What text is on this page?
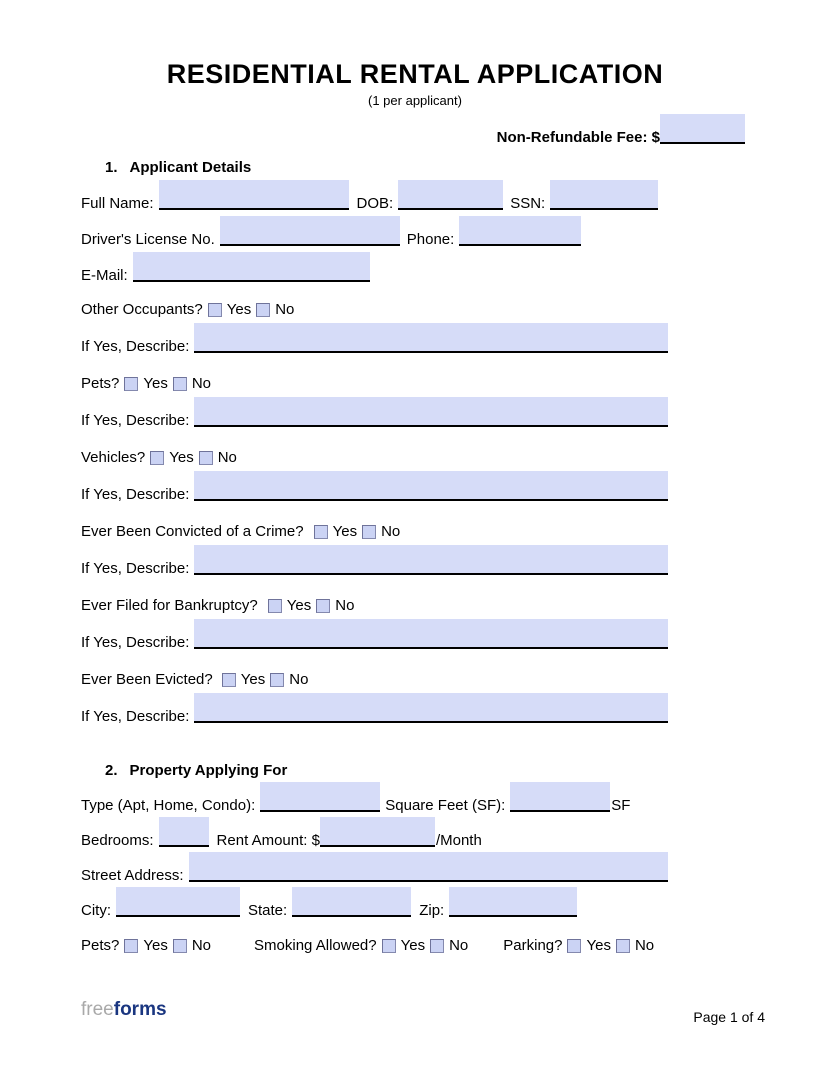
RESIDENTIAL RENTAL APPLICATION
(1 per applicant)
Non-Refundable Fee: $
1. Applicant Details
Full Name:	DOB:	SSN:
Driver's License No.	Phone:
E-Mail:
Other Occupants? Yes No
If Yes, Describe:
Pets? Yes No
If Yes, Describe:
Vehicles? Yes No
If Yes, Describe:
Ever Been Convicted of a Crime? Yes No
If Yes, Describe:
Ever Filed for Bankruptcy? Yes No
If Yes, Describe:
Ever Been Evicted? Yes No
If Yes, Describe:
2. Property Applying For
Type (Apt, Home, Condo):	Square Feet (SF):	SF
Bedrooms:	Rent Amount: $	/Month
Street Address:
City:	State:	Zip:
Pets? Yes No	Smoking Allowed? Yes No Parking? Yes No
freeforms	Page 1 of 4
